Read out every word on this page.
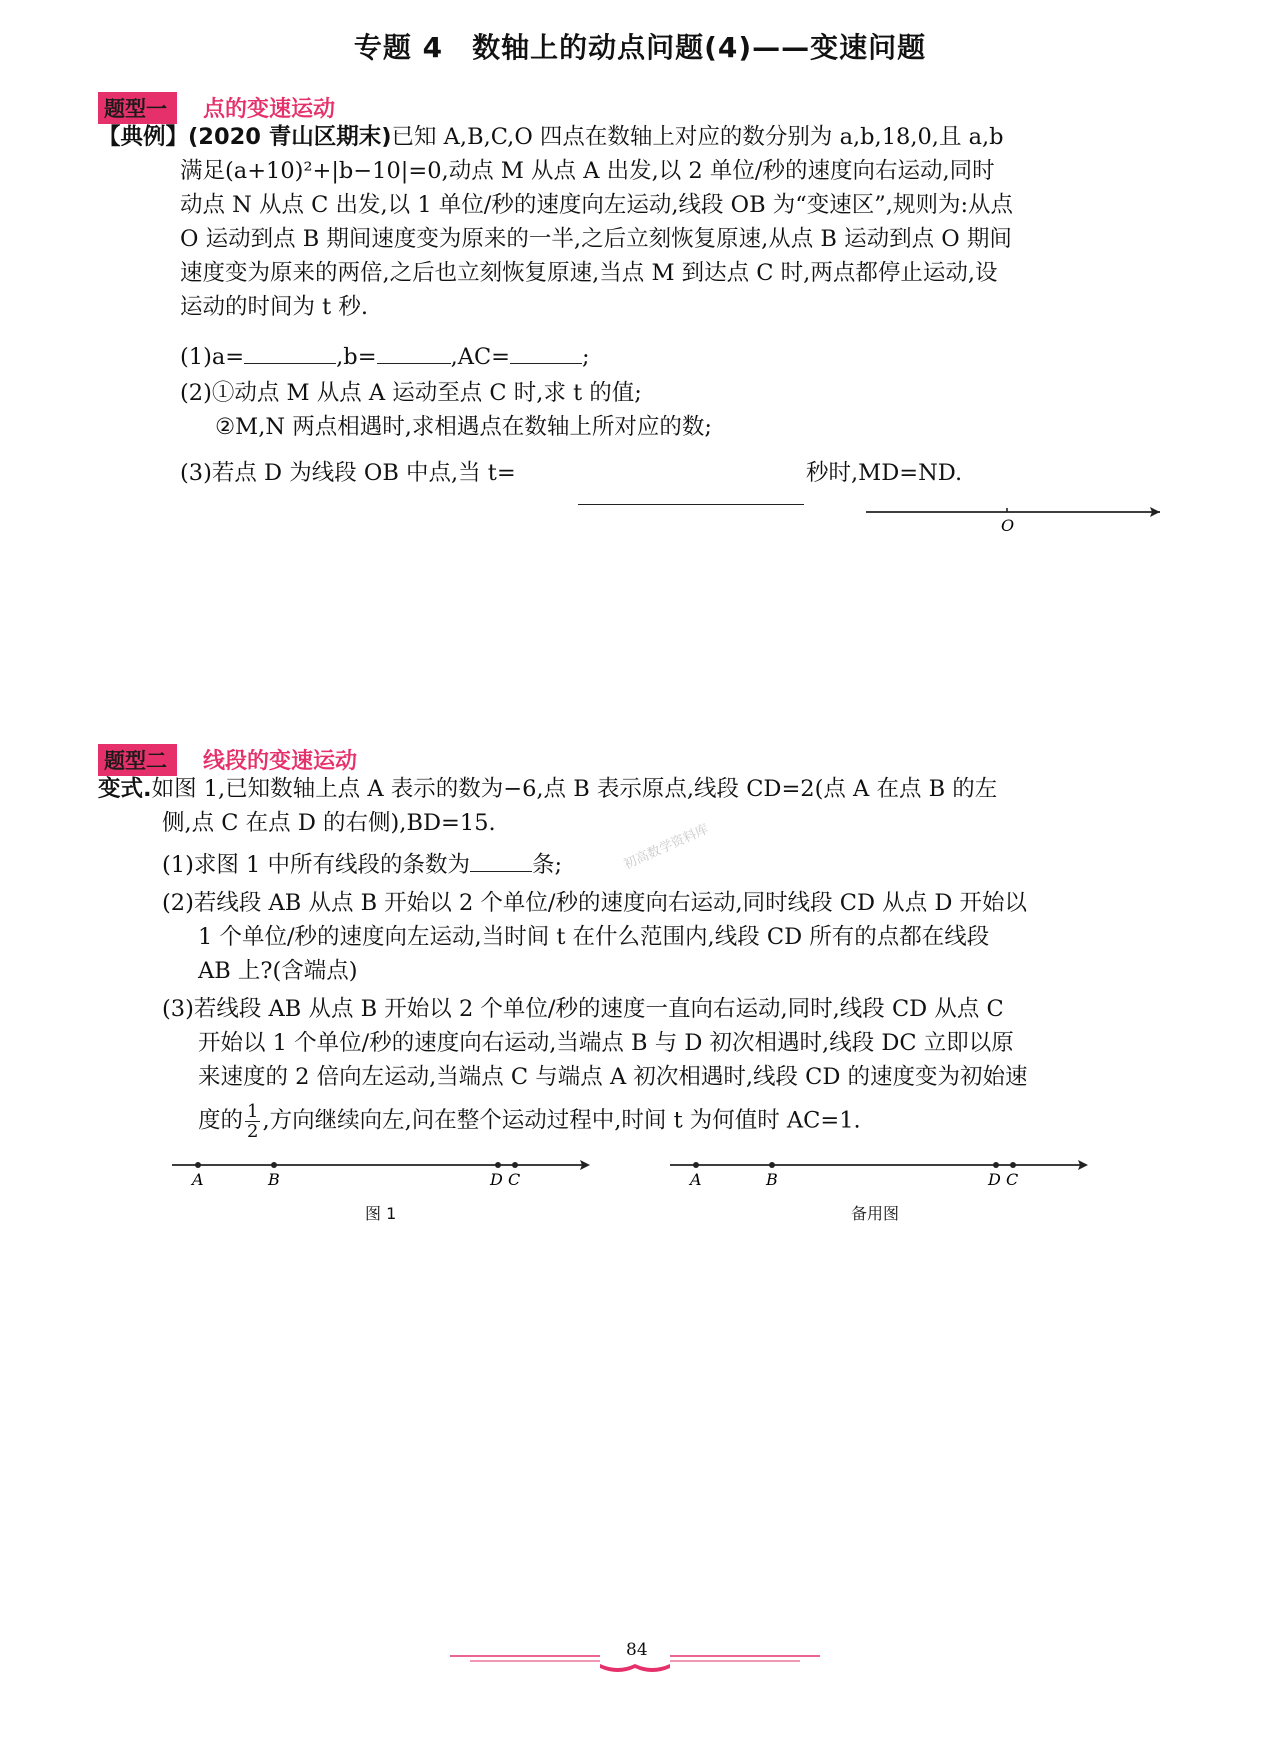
专题 4　数轴上的动点问题(4)——变速问题
题型一 点的变速运动
【典例】(2020 青山区期末)已知 A,B,C,O 四点在数轴上对应的数分别为 a,b,18,0,且 a,b
满足(a+10)²+|b−10|=0,动点 M 从点 A 出发,以 2 单位/秒的速度向右运动,同时
动点 N 从点 C 出发,以 1 单位/秒的速度向左运动,线段 OB 为“变速区”,规则为:从点
O 运动到点 B 期间速度变为原来的一半,之后立刻恢复原速,从点 B 运动到点 O 期间
速度变为原来的两倍,之后也立刻恢复原速,当点 M 到达点 C 时,两点都停止运动,设
运动的时间为 t 秒.
(1)a=	,b=	,AC=	;
(2)①动点 M 从点 A 运动至点 C 时,求 t 的值;
②M,N 两点相遇时,求相遇点在数轴上所对应的数;
(3)若点 D 为线段 OB 中点,当 t=	秒时,MD=ND.
O
题型二 线段的变速运动
变式.如图 1,已知数轴上点 A 表示的数为−6,点 B 表示原点,线段 CD=2(点 A 在点 B 的左
侧,点 C 在点 D 的右侧),BD=15.	初高数学资料库
(1)求图 1 中所有线段的条数为	条;
(2)若线段 AB 从点 B 开始以 2 个单位/秒的速度向右运动,同时线段 CD 从点 D 开始以
1 个单位/秒的速度向左运动,当时间 t 在什么范围内,线段 CD 所有的点都在线段
AB 上?(含端点)
(3)若线段 AB 从点 B 开始以 2 个单位/秒的速度一直向右运动,同时,线段 CD 从点 C
开始以 1 个单位/秒的速度向右运动,当端点 B 与 D 初次相遇时,线段 DC 立即以原
来速度的 2 倍向左运动,当端点 C 与端点 A 初次相遇时,线段 CD 的速度变为初始速
度的 $\frac{1}{2}$ ,方向继续向左,问在整个运动过程中,时间 t 为何值时 AC=1.
A	B	D C
图 1
A	B	D C
备用图
84
